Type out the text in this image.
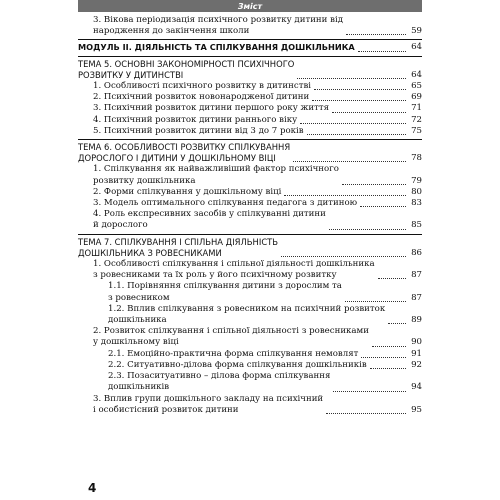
Зміст
3. Вікова періодизація психічного розвитку дитини від
народження до закінчення школи	59
МОДУЛЬ II. ДІЯЛЬНІСТЬ ТА СПІЛКУВАННЯ ДОШКІЛЬНИКА	64
ТЕМА 5. ОСНОВНІ ЗАКОНОМІРНОСТІ ПСИХІЧНОГО
РОЗВИТКУ У ДИТИНСТВІ	64
1. Особливості психічного розвитку в дитинстві	65
2. Психічний розвиток новонародженої дитини	69
3. Психічний розвиток дитини першого року життя	71
4. Психічний розвиток дитини раннього віку	72
5. Психічний розвиток дитини від 3 до 7 років	75
ТЕМА 6. ОСОБЛИВОСТІ РОЗВИТКУ СПІЛКУВАННЯ
ДОРОСЛОГО І ДИТИНИ У ДОШКІЛЬНОМУ ВІЦІ	78
1. Спілкування як найважливіший фактор психічного
розвитку дошкільника	79
2. Форми спілкування у дошкільному віці	80
3. Модель оптимального спілкування педагога з дитиною	83
4. Роль експресивних засобів у спілкуванні дитини
й дорослого	85
ТЕМА 7. СПІЛКУВАННЯ І СПІЛЬНА ДІЯЛЬНІСТЬ
ДОШКІЛЬНИКА З РОВЕСНИКАМИ	86
1. Особливості спілкування і спільної діяльності дошкільника
з ровесниками та їх роль у його психічному розвитку	87
1.1. Порівняння спілкування дитини з дорослим та
з ровесником	87
1.2. Вплив спілкування з ровесником на психічний розвиток
дошкільника	89
2. Розвиток спілкування і спільної діяльності з ровесниками
у дошкільному віці	90
2.1. Емоційно-практична форма спілкування немовлят	91
2.2. Ситуативно-ділова форма спілкування дошкільників	92
2.3. Позаситуативно – ділова форма спілкування
дошкільників	94
3. Вплив групи дошкільного закладу на психічний
і особистісний розвиток дитини	95
4
